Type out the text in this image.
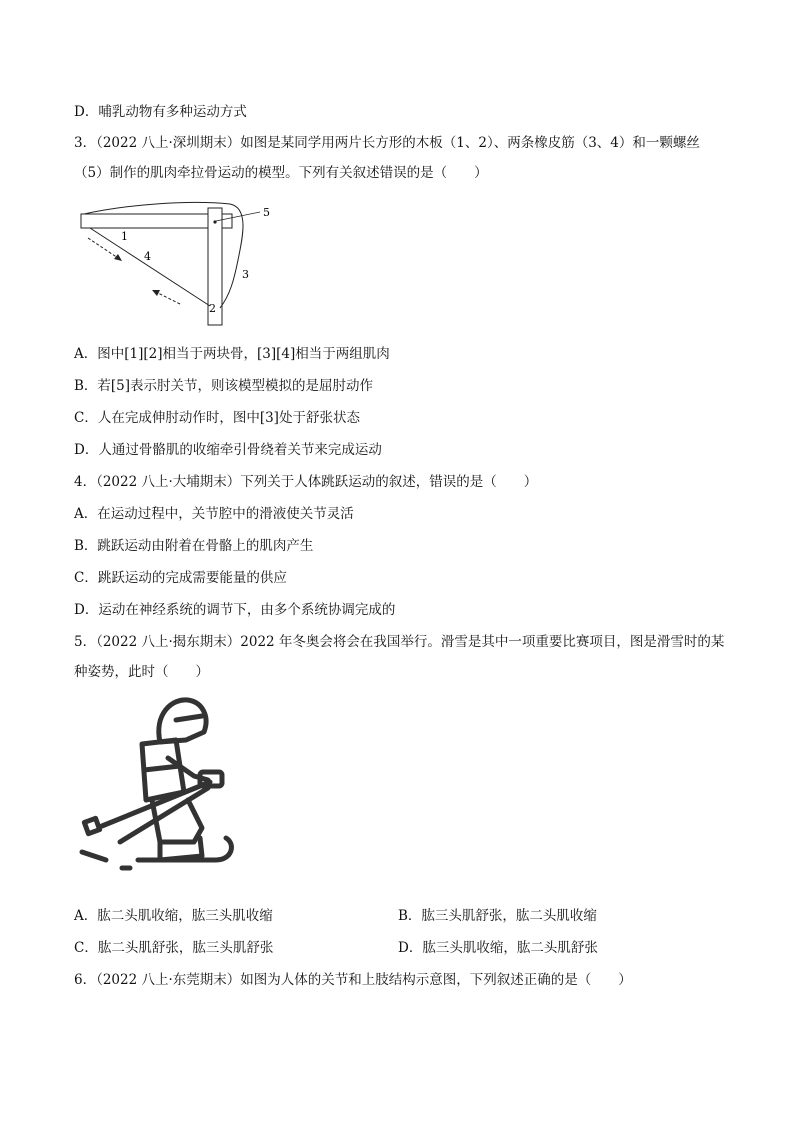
D．哺乳动物有多种运动方式
3．（2022 八上·深圳期末）如图是某同学用两片长方形的木板（1、2）、两条橡皮筋（3、4）和一颗螺丝
（5）制作的肌肉牵拉骨运动的模型。下列有关叙述错误的是（　　）
1
4
2
3
5
A．图中[1][2]相当于两块骨，[3][4]相当于两组肌肉
B．若[5]表示肘关节，则该模型模拟的是屈肘动作
C．人在完成伸肘动作时，图中[3]处于舒张状态
D．人通过骨骼肌的收缩牵引骨绕着关节来完成运动
4．（2022 八上·大埔期末）下列关于人体跳跃运动的叙述，错误的是（　　）
A．在运动过程中，关节腔中的滑液使关节灵活
B．跳跃运动由附着在骨骼上的肌肉产生
C．跳跃运动的完成需要能量的供应
D．运动在神经系统的调节下，由多个系统协调完成的
5．（2022 八上·揭东期末）2022 年冬奥会将会在我国举行。滑雪是其中一项重要比赛项目，图是滑雪时的某
种姿势，此时（　　）
A．肱二头肌收缩，肱三头肌收缩	B．肱三头肌舒张，肱二头肌收缩
C．肱二头肌舒张，肱三头肌舒张	D．肱三头肌收缩，肱二头肌舒张
6．（2022 八上·东莞期末）如图为人体的关节和上肢结构示意图，下列叙述正确的是（　　）
